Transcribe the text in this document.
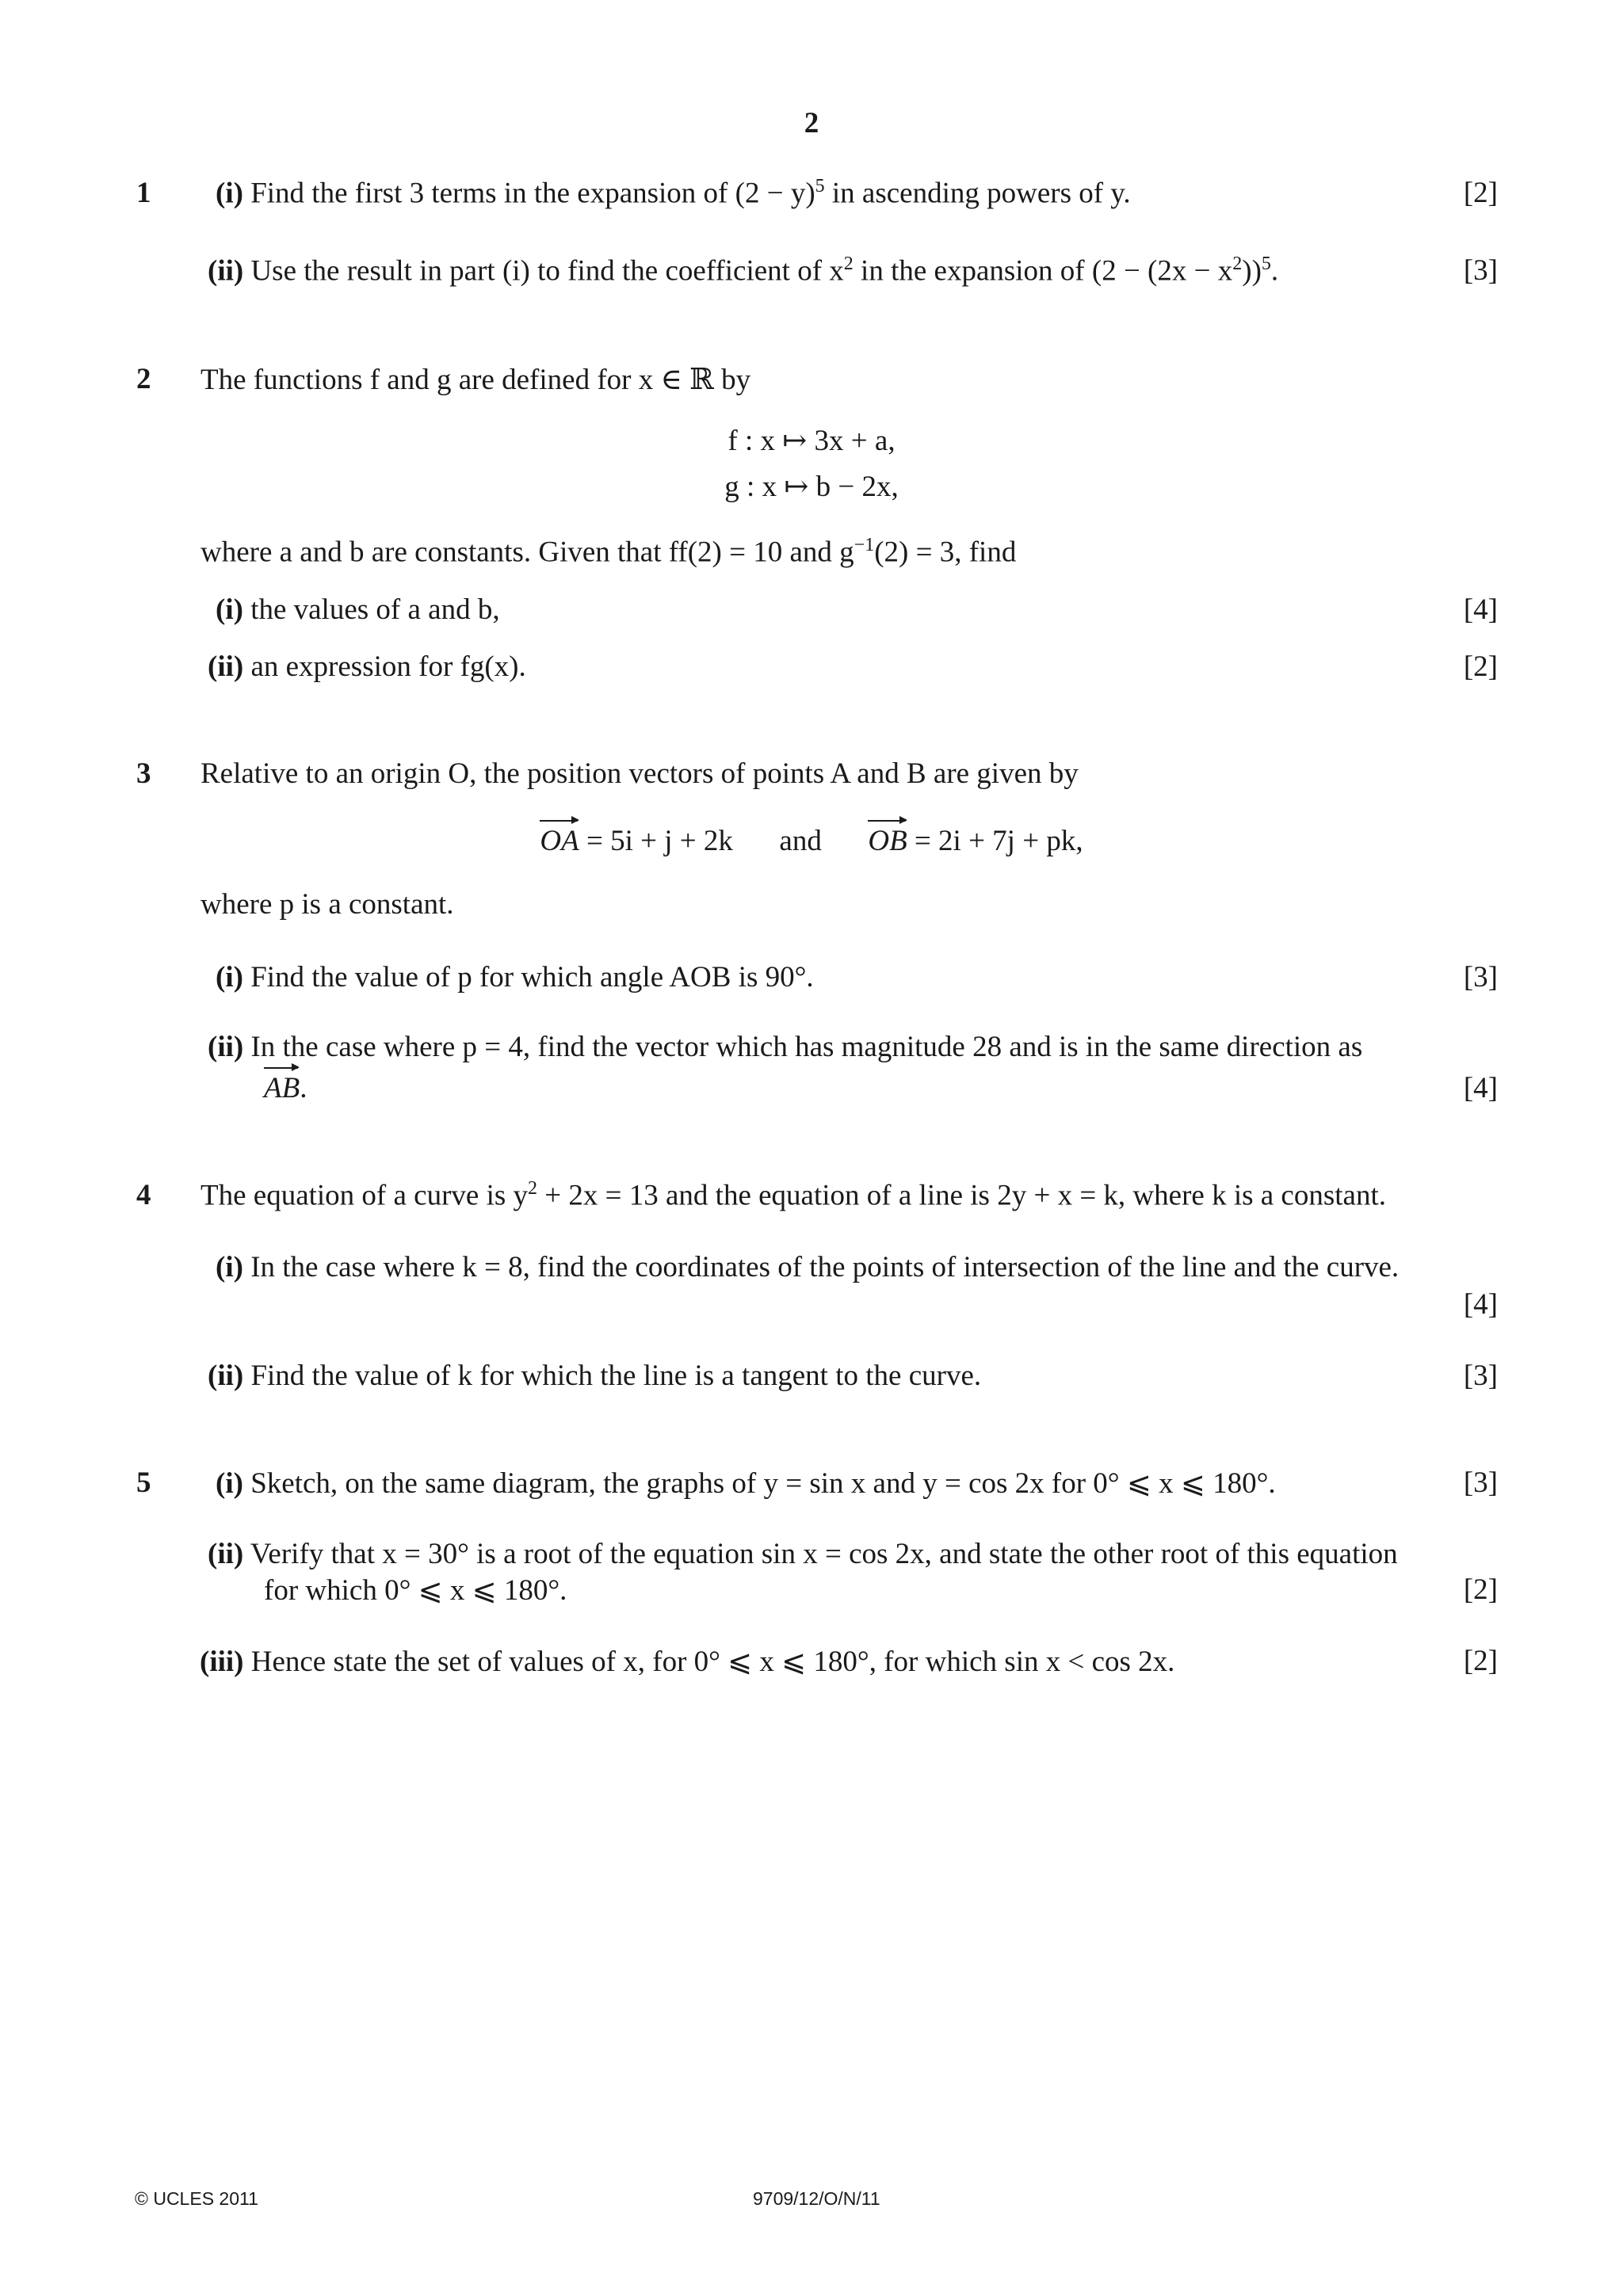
2
1 (i) Find the first 3 terms in the expansion of $(2 - y)^5$ in ascending powers of y.	[2]
(ii) Use the result in part (i) to find the coefficient of $x^2$ in the expansion of $(2 - (2x - x^2))^5$.	[3]
2 The functions f and g are defined for x ∈ ℝ by
f : x ↦ 3x + a,
g : x ↦ b − 2x,
where a and b are constants. Given that ff(2) = 10 and $g^{-1}(2) = 3$, find
(i) the values of a and b,	[4]
(ii) an expression for fg(x).	[2]
3 Relative to an origin O, the position vectors of points A and B are given by
OA = 5i + j + 2k and OB = 2i + 7j + pk,
where p is a constant.
(i) Find the value of p for which angle AOB is 90°.	[3]
(ii) In the case where p = 4, find the vector which has magnitude 28 and is in the same direction as
AB.	[4]
4 The equation of a curve is $y^2 + 2x = 13$ and the equation of a line is 2y + x = k, where k is a constant.
(i) In the case where k = 8, find the coordinates of the points of intersection of the line and the curve.
[4]
(ii) Find the value of k for which the line is a tangent to the curve.	[3]
5 (i) Sketch, on the same diagram, the graphs of y = sin x and y = cos 2x for 0° ⩽ x ⩽ 180°.	[3]
(ii) Verify that x = 30° is a root of the equation sin x = cos 2x, and state the other root of this equation
for which 0° ⩽ x ⩽ 180°.	[2]
(iii) Hence state the set of values of x, for 0° ⩽ x ⩽ 180°, for which sin x < cos 2x.	[2]
© UCLES 2011	9709/12/O/N/11
